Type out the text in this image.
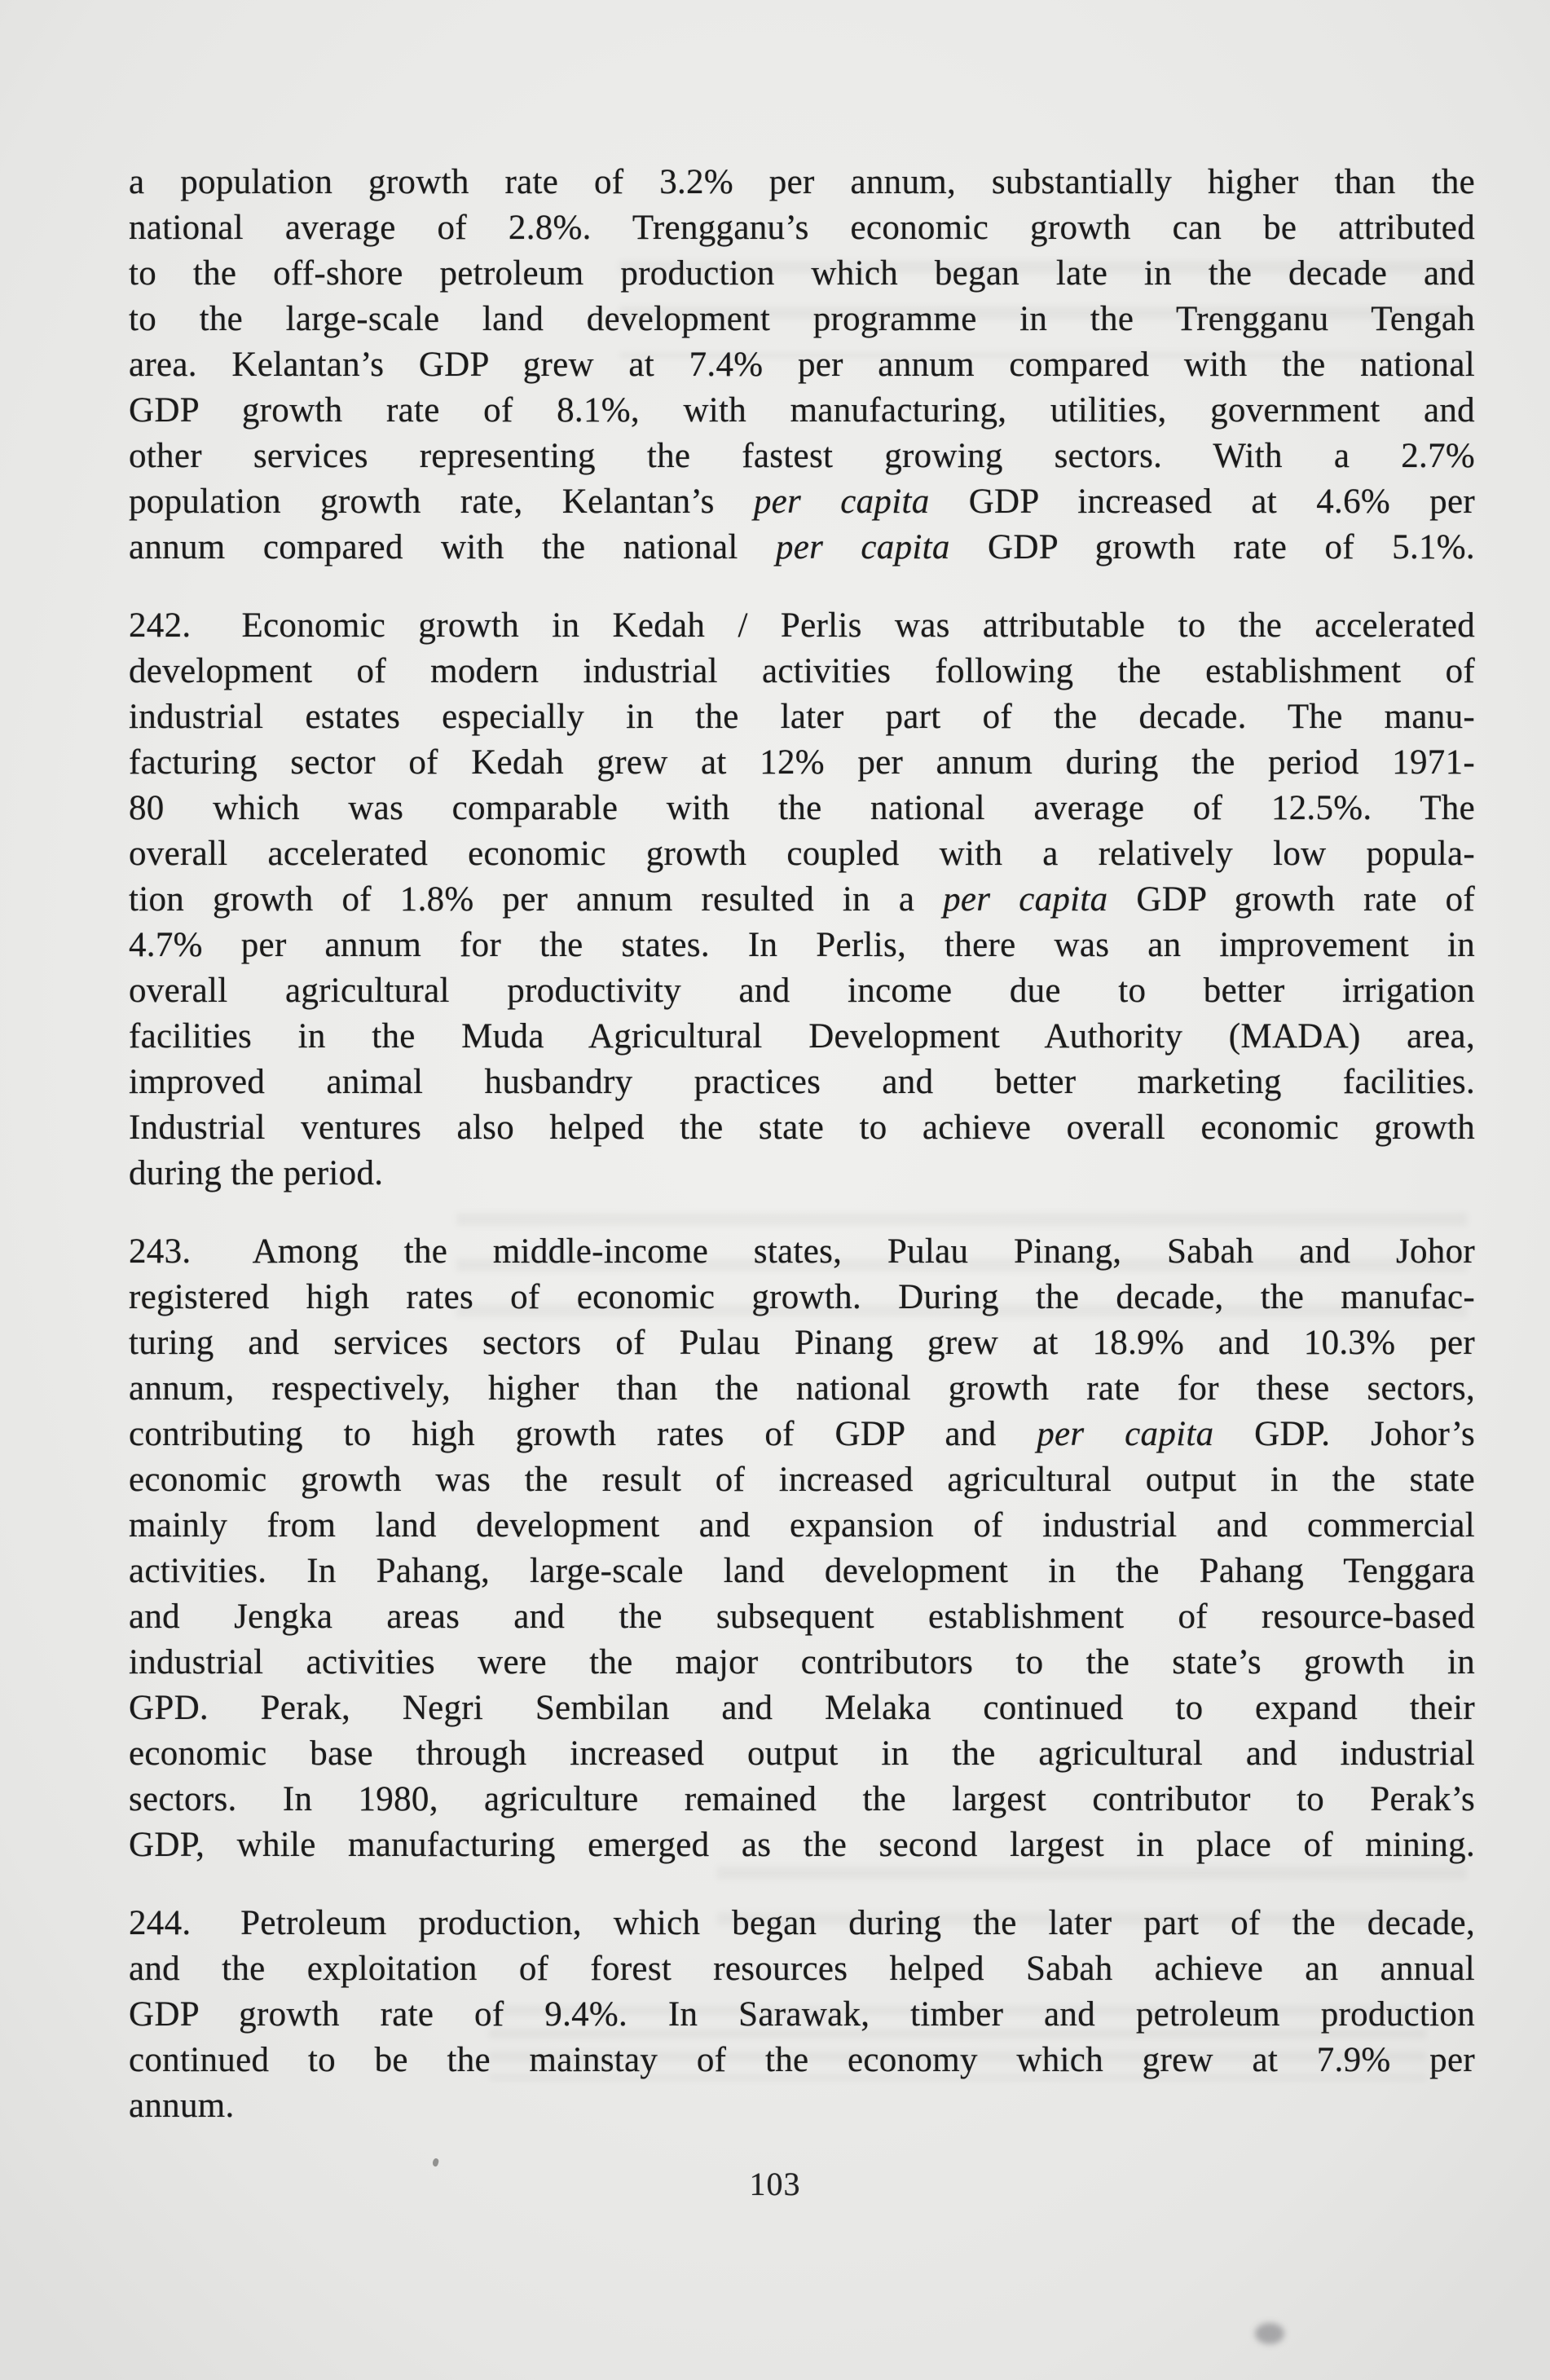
a population growth rate of 3.2% per annum, substantially higher than the
national average of 2.8%. Trengganu’s economic growth can be attributed
to the off-shore petroleum production which began late in the decade and
to the large-scale land development programme in the Trengganu Tengah
area. Kelantan’s GDP grew at 7.4% per annum compared with the national
GDP growth rate of 8.1%, with manufacturing, utilities, government and
other services representing the fastest growing sectors. With a 2.7%
population growth rate, Kelantan’s per capita GDP increased at 4.6% per
annum compared with the national per capita GDP growth rate of 5.1%.
242.  Economic growth in Kedah / Perlis was attributable to the accelerated
development of modern industrial activities following the establishment of
industrial estates especially in the later part of the decade. The manu-
facturing sector of Kedah grew at 12% per annum during the period 1971-
80 which was comparable with the national average of 12.5%. The
overall accelerated economic growth coupled with a relatively low popula-
tion growth of 1.8% per annum resulted in a per capita GDP growth rate of
4.7% per annum for the states. In Perlis, there was an improvement in
overall agricultural productivity and income due to better irrigation
facilities in the Muda Agricultural Development Authority (MADA) area,
improved animal husbandry practices and better marketing facilities.
Industrial ventures also helped the state to achieve overall economic growth
during the period.
243.  Among the middle-income states, Pulau Pinang, Sabah and Johor
registered high rates of economic growth. During the decade, the manufac-
turing and services sectors of Pulau Pinang grew at 18.9% and 10.3% per
annum, respectively, higher than the national growth rate for these sectors,
contributing to high growth rates of GDP and per capita GDP. Johor’s
economic growth was the result of increased agricultural output in the state
mainly from land development and expansion of industrial and commercial
activities. In Pahang, large-scale land development in the Pahang Tenggara
and Jengka areas and the subsequent establishment of resource-based
industrial activities were the major contributors to the state’s growth in
GPD. Perak, Negri Sembilan and Melaka continued to expand their
economic base through increased output in the agricultural and industrial
sectors. In 1980, agriculture remained the largest contributor to Perak’s
GDP, while manufacturing emerged as the second largest in place of mining.
244.  Petroleum production, which began during the later part of the decade,
and the exploitation of forest resources helped Sabah achieve an annual
GDP growth rate of 9.4%. In Sarawak, timber and petroleum production
continued to be the mainstay of the economy which grew at 7.9% per
annum.
103
